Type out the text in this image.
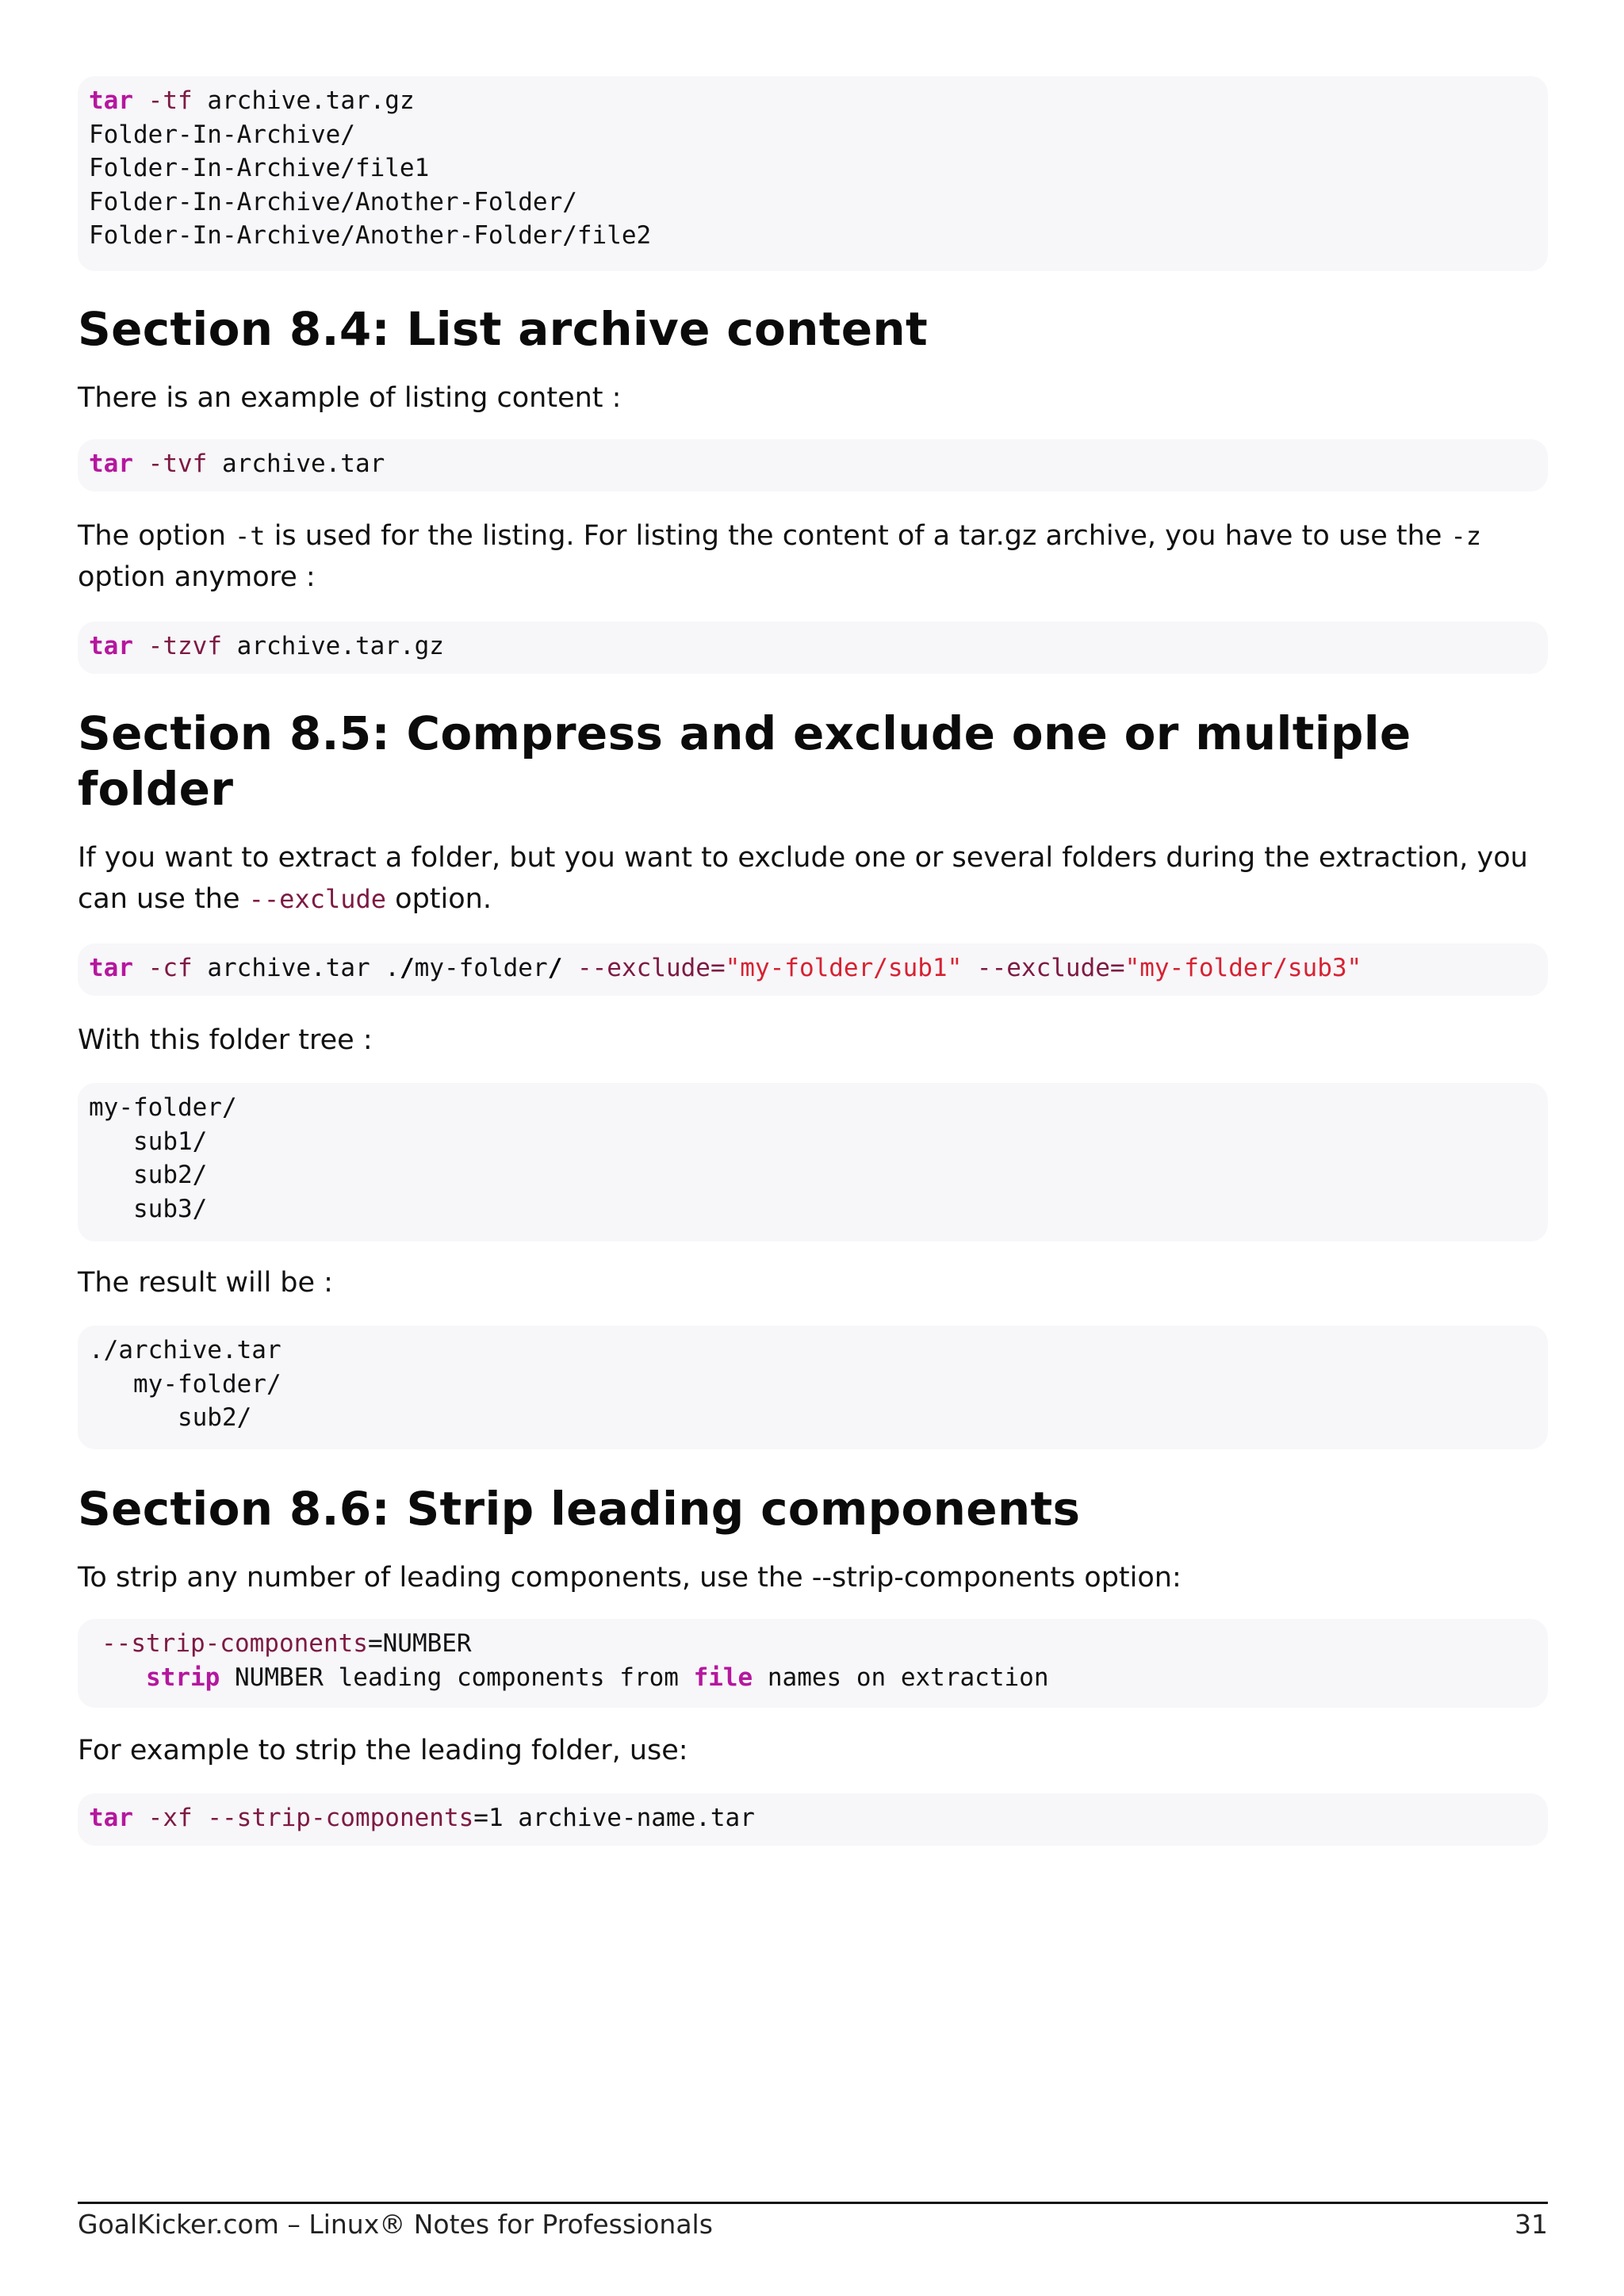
tar -tf archive.tar.gz
Folder-In-Archive/
Folder-In-Archive/file1
Folder-In-Archive/Another-Folder/
Folder-In-Archive/Another-Folder/file2
Section 8.4: List archive content

There is an example of listing content :

tar -tvf archive.tar

The option -t is used for the listing. For listing the content of a tar.gz archive, you have to use the -z option anymore :

tar -tzvf archive.tar.gz
Section 8.5: Compress and exclude one or multiple folder

If you want to extract a folder, but you want to exclude one or several folders during the extraction, you can use the --exclude option.

tar -cf archive.tar ./my-folder/ --exclude="my-folder/sub1" --exclude="my-folder/sub3"

With this folder tree :

my-folder/
sub1/
sub2/
sub3/

The result will be :

./archive.tar
my-folder/
sub2/
Section 8.6: Strip leading components

To strip any number of leading components, use the --strip-components option:

--strip-components=NUMBER
strip NUMBER leading components from file names on extraction

For example to strip the leading folder, use:

tar -xf --strip-components=1 archive-name.tar
GoalKicker.com – Linux® Notes for Professionals	31
